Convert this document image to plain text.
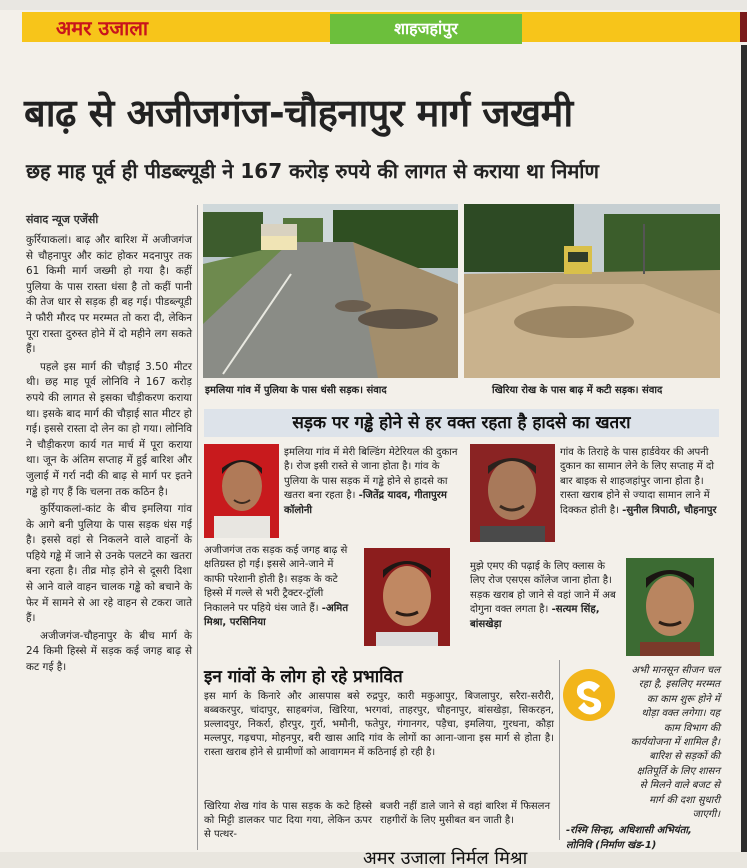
अमर उजाला	शाहजहांपुर
बाढ़ से अजीजगंज-चौहनापुर मार्ग जखमी
छह माह पूर्व ही पीडब्ल्यूडी ने 167 करोड़ रुपये की लागत से कराया था निर्माण
संवाद न्यूज एजेंसी

कुर्रियाकलां। बाढ़ और बारिश में अजीजगंज से चौहनापुर और कांट होकर मदनापुर तक 61 किमी मार्ग जख्मी हो गया है। कहीं पुलिया के पास रास्ता धंसा है तो कहीं पानी की तेज धार से सड़क ही बह गई। पीडब्ल्यूडी ने फौरी मौरद पर मरम्मत तो करा दी, लेकिन पूरा रास्ता दुरुस्त होने में दो महीने लग सकते हैं।

पहले इस मार्ग की चौड़ाई 3.50 मीटर थी। छह माह पूर्व लोनिवि ने 167 करोड़ रुपये की लागत से इसका चौड़ीकरण कराया था। इसके बाद मार्ग की चौड़ाई सात मीटर हो गई। इससे रास्ता दो लेन का हो गया। लोनिवि ने चौड़ीकरण कार्य गत मार्च में पूरा कराया था। जून के अंतिम सप्ताह में हुई बारिश और जुलाई में गर्रा नदी की बाढ़ से मार्ग पर इतने गड्ढे हो गए हैं कि चलना तक कठिन है।

कुर्रियाकलां-कांट के बीच इमलिया गांव के आगे बनी पुलिया के पास सड़क धंस गई है। इससे वहां से निकलने वाले वाहनों के पहिये गड्ढे में जाने से उनके पलटने का खतरा बना रहता है। तीव्र मोड़ होने से दूसरी दिशा से आने वाले वाहन चालक गड्ढे को बचाने के फेर में सामने से आ रहे वाहन से टकरा जाते हैं।

अजीजगंज-चौहनापुर के बीच मार्ग के 24 किमी हिस्से में सड़क कई जगह बाढ़ से कट गई है।

इमलिया गांव में पुलिया के पास धंसी सड़क। संवाद	खिरिया रोख के पास बाढ़ में कटी सड़क। संवाद
सड़क पर गड्ढे होने से हर वक्त रहता है हादसे का खतरा
इमलिया गांव में मेरी बिल्डिंग मेटेरियल की दुकान है। रोज इसी रास्ते से जाना होता है। गांव के पुलिया के पास सड़क में गड्ढे होने से हादसे का खतरा बना रहता है। -जितेंद्र यादव, गीतापुरम कॉलोनी
गांव के तिराहे के पास हार्डवेयर की अपनी दुकान का सामान लेने के लिए सप्ताह में दो बार बाइक से शाहजहांपुर जाना होता है। रास्ता खराब होने से ज्यादा सामान लाने में दिक्कत होती है। -सुनील त्रिपाठी, चौहनापुर
अजीजगंज तक सड़क कई जगह बाढ़ से क्षतिग्रस्त हो गई। इससे आने-जाने में काफी परेशानी होती है। सड़क के कटे हिस्से में गल्ले से भरी ट्रैक्टर-ट्रॉली निकालने पर पहिये धंस जाते हैं। -अमित मिश्रा, परसिनिया
मुझे एमए की पढ़ाई के लिए क्लास के लिए रोज एसएस कॉलेज जाना होता है। सड़क खराब हो जाने से वहां जाने में अब दोगुना वक्त लगता है। -सत्यम सिंह, बांसखेड़ा
इन गांवों के लोग हो रहे प्रभावित
इस मार्ग के किनारे और आसपास बसे रुद्रपुर, कारी मकुआपुर, बिजलापुर, सरैरा-सरौरी, बब्बकरपुर, चांदापुर, साहबगंज, खिरिया, भरगवां, ताहरपुर, चौहनापुर, बांसखेड़ा, सिकरहन, प्रल्लादपुर, निकर्रा, हौरपुर, गुर्रा, भमौनी, फतेपुर, गंगानगर, पड़ैचा, इमलिया, गुरधना, कौड़ा मल्लपुर, गढ़चपा, मोहनपुर, बरी खास आदि गांव के लोगों का आना-जाना इस मार्ग से होता है। रास्ता खराब होने से ग्रामीणों को आवागमन में कठिनाई हो रही है।
अभी मानसून सीजन चल रहा है, इसलिए मरम्मत का काम शुरू होने में थोड़ा वक्त लगेगा। यह काम विभाग की कार्ययोजना में शामिल है। बारिश से सड़कों की क्षतिपूर्ति के लिए शासन से मिलने वाले बजट से मार्ग की दशा सुधारी जाएगी।
-रश्मि सिन्हा, अधिशासी अभियंता, लोनिवि (निर्माण खंड-1)
खिरिया शेख गांव के पास सड़क के कटे हिस्से को मिट्टी डालकर पाट दिया गया, लेकिन ऊपर से पत्थर-
बजरी नहीं डाले जाने से वहां बारिश में फिसलन राहगीरों के लिए मुसीबत बन जाती है।
अमर उजाला निर्मल मिश्रा
